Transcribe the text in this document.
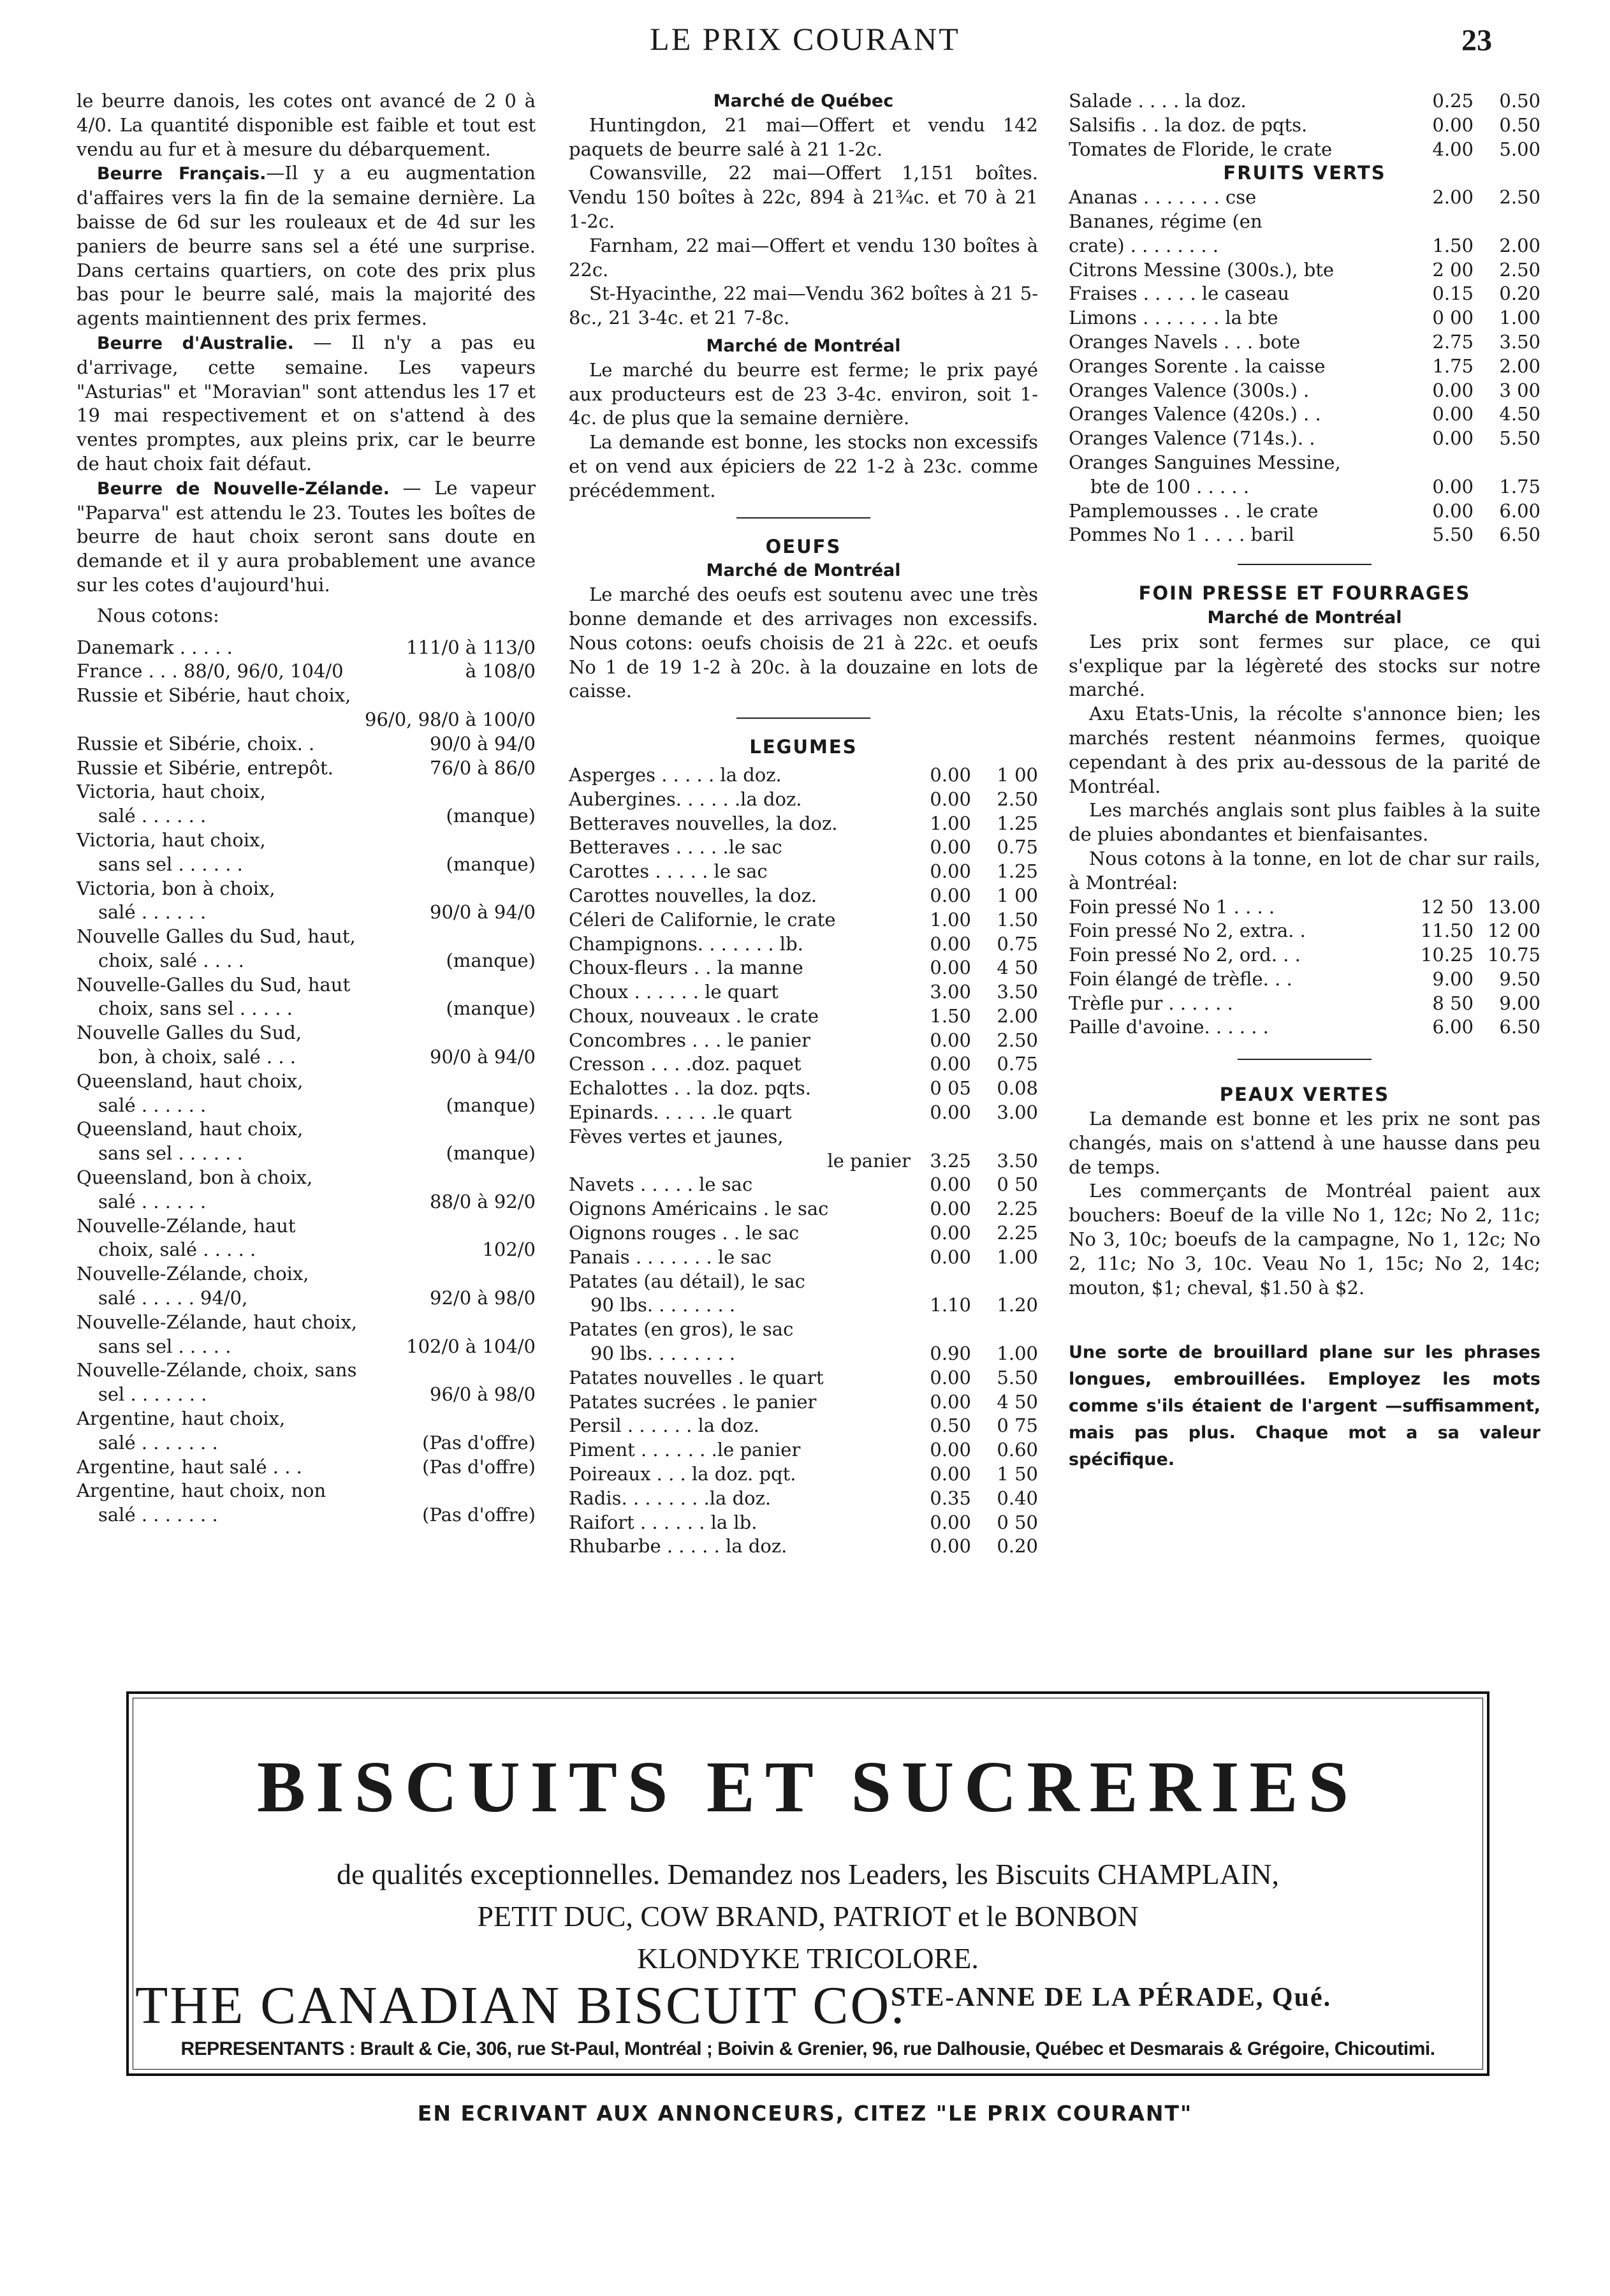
LE PRIX COURANT	23

le beurre danois, les cotes ont avancé de 2 0 à 4/0. La quantité disponible est faible et tout est vendu au fur et à mesure du débarquement.

Beurre Français.—Il y a eu augmentation d'affaires vers la fin de la semaine dernière. La baisse de 6d sur les rouleaux et de 4d sur les paniers de beurre sans sel a été une surprise. Dans certains quartiers, on cote des prix plus bas pour le beurre salé, mais la majorité des agents maintiennent des prix fermes.

Beurre d'Australie. — Il n'y a pas eu d'arrivage, cette semaine. Les vapeurs "Asturias" et "Moravian" sont attendus les 17 et 19 mai respectivement et on s'attend à des ventes promptes, aux pleins prix, car le beurre de haut choix fait défaut.

Beurre de Nouvelle-Zélande. — Le vapeur "Paparva" est attendu le 23. Toutes les boîtes de beurre de haut choix seront sans doute en demande et il y aura probablement une avance sur les cotes d'aujourd'hui.

Nous cotons:

Danemark . . . . .	111/0 à 113/0
France . . . 88/0, 96/0, 104/0	à 108/0
Russie et Sibérie, haut choix,
96/0, 98/0 à 100/0
Russie et Sibérie, choix. .	90/0 à 94/0
Russie et Sibérie, entrepôt.	76/0 à 86/0
Victoria, haut choix,
salé . . . . . .	(manque)
Victoria, haut choix,
sans sel . . . . . .	(manque)
Victoria, bon à choix,
salé . . . . . .	90/0 à 94/0
Nouvelle Galles du Sud, haut,
choix, salé . . . .	(manque)
Nouvelle-Galles du Sud, haut
choix, sans sel . . . . .	(manque)
Nouvelle Galles du Sud,
bon, à choix, salé . . .	90/0 à 94/0
Queensland, haut choix,
salé . . . . . .	(manque)
Queensland, haut choix,
sans sel . . . . . .	(manque)
Queensland, bon à choix,
salé . . . . . .	88/0 à 92/0
Nouvelle-Zélande, haut
choix, salé . . . . .	102/0
Nouvelle-Zélande, choix,
salé . . . . . 94/0,	92/0 à 98/0
Nouvelle-Zélande, haut choix,
sans sel . . . . .	102/0 à 104/0
Nouvelle-Zélande, choix, sans
sel . . . . . . .	96/0 à 98/0
Argentine, haut choix,
salé . . . . . . .	(Pas d'offre)
Argentine, haut salé . . .	(Pas d'offre)
Argentine, haut choix, non
salé . . . . . . .	(Pas d'offre)

Marché de Québec

Huntingdon, 21 mai—Offert et vendu 142 paquets de beurre salé à 21 1-2c.

Cowansville, 22 mai—Offert 1,151 boîtes. Vendu 150 boîtes à 22c, 894 à 21¾c. et 70 à 21 1-2c.

Farnham, 22 mai—Offert et vendu 130 boîtes à 22c.

St-Hyacinthe, 22 mai—Vendu 362 boîtes à 21 5-8c., 21 3-4c. et 21 7-8c.

Marché de Montréal

Le marché du beurre est ferme; le prix payé aux producteurs est de 23 3-4c. environ, soit 1-4c. de plus que la semaine dernière.

La demande est bonne, les stocks non excessifs et on vend aux épiciers de 22 1-2 à 23c. comme précédemment.

OEUFS

Marché de Montréal

Le marché des oeufs est soutenu avec une très bonne demande et des arrivages non excessifs. Nous cotons: oeufs choisis de 21 à 22c. et oeufs No 1 de 19 1-2 à 20c. à la douzaine en lots de caisse.

LEGUMES

Asperges . . . . . la doz.	0.00	1 00
Aubergines. . . . . .la doz.	0.00	2.50
Betteraves nouvelles, la doz.	1.00	1.25
Betteraves . . . . .le sac	0.00	0.75
Carottes . . . . . le sac	0.00	1.25
Carottes nouvelles, la doz.	0.00	1 00
Céleri de Californie, le crate	1.00	1.50
Champignons. . . . . . . lb.	0.00	0.75
Choux-fleurs . . la manne	0.00	4 50
Choux . . . . . . le quart	3.00	3.50
Choux, nouveaux . le crate	1.50	2.00
Concombres . . . le panier	0.00	2.50
Cresson . . . .doz. paquet	0.00	0.75
Echalottes . . la doz. pqts.	0 05	0.08
Epinards. . . . . .le quart	0.00	3.00
Fèves vertes et jaunes,
le panier	3.25	3.50
Navets . . . . . le sac	0.00	0 50
Oignons Américains . le sac	0.00	2.25
Oignons rouges . . le sac	0.00	2.25
Panais . . . . . . . le sac	0.00	1.00
Patates (au détail), le sac
90 lbs. . . . . . . .	1.10	1.20
Patates (en gros), le sac
90 lbs. . . . . . . .	0.90	1.00
Patates nouvelles . le quart	0.00	5.50
Patates sucrées . le panier	0.00	4 50
Persil . . . . . . la doz.	0.50	0 75
Piment . . . . . . .le panier	0.00	0.60
Poireaux . . . la doz. pqt.	0.00	1 50
Radis. . . . . . . .la doz.	0.35	0.40
Raifort . . . . . . la lb.	0.00	0 50
Rhubarbe . . . . . la doz.	0.00	0.20
Salade . . . . la doz.	0.25	0.50
Salsifis . . la doz. de pqts.	0.00	0.50
Tomates de Floride, le crate	4.00	5.00

FRUITS VERTS

Ananas . . . . . . . cse	2.00	2.50
Bananes, régime (en
crate) . . . . . . . .	1.50	2.00
Citrons Messine (300s.), bte	2 00	2.50
Fraises . . . . . le caseau	0.15	0.20
Limons . . . . . . . la bte	0 00	1.00
Oranges Navels . . . bote	2.75	3.50
Oranges Sorente . la caisse	1.75	2.00
Oranges Valence (300s.) .	0.00	3 00
Oranges Valence (420s.) . .	0.00	4.50
Oranges Valence (714s.). .	0.00	5.50
Oranges Sanguines Messine,
bte de 100 . . . . .	0.00	1.75
Pamplemousses . . le crate	0.00	6.00
Pommes No 1 . . . . baril	5.50	6.50

FOIN PRESSE ET FOURRAGES

Marché de Montréal

Les prix sont fermes sur place, ce qui s'explique par la légèreté des stocks sur notre marché.

Axu Etats-Unis, la récolte s'annonce bien; les marchés restent néanmoins fermes, quoique cependant à des prix au-dessous de la parité de Montréal.

Les marchés anglais sont plus faibles à la suite de pluies abondantes et bienfaisantes.

Nous cotons à la tonne, en lot de char sur rails, à Montréal:

Foin pressé No 1 . . . .	12 50 13.00
Foin pressé No 2, extra. .	11.50 12 00
Foin pressé No 2, ord. . .	10.25 10.75
Foin élangé de trèfle. . .	9.00	9.50
Trèfle pur . . . . . .	8 50	9.00
Paille d'avoine. . . . . .	6.00	6.50

PEAUX VERTES

La demande est bonne et les prix ne sont pas changés, mais on s'attend à une hausse dans peu de temps.

Les commerçants de Montréal paient aux bouchers: Boeuf de la ville No 1, 12c; No 2, 11c; No 3, 10c; boeufs de la campagne, No 1, 12c; No 2, 11c; No 3, 10c. Veau No 1, 15c; No 2, 14c; mouton, $1; cheval, $1.50 à $2.

Une sorte de brouillard plane sur les phrases longues, embrouillées. Employez les mots comme s'ils étaient de l'argent —suffisamment, mais pas plus. Chaque mot a sa valeur spécifique.

BISCUITS ET SUCRERIES
de qualités exceptionnelles. Demandez nos Leaders, les Biscuits CHAMPLAIN,
PETIT DUC, COW BRAND, PATRIOT et le BONBON
KLONDYKE TRICOLORE.
THE CANADIAN BISCUIT CO.
STE-ANNE DE LA PÉRADE, Qué.
REPRESENTANTS : Brault & Cie, 306, rue St-Paul, Montréal ; Boivin & Grenier, 96, rue Dalhousie, Québec et Desmarais & Grégoire, Chicoutimi.
EN ECRIVANT AUX ANNONCEURS, CITEZ "LE PRIX COURANT"
